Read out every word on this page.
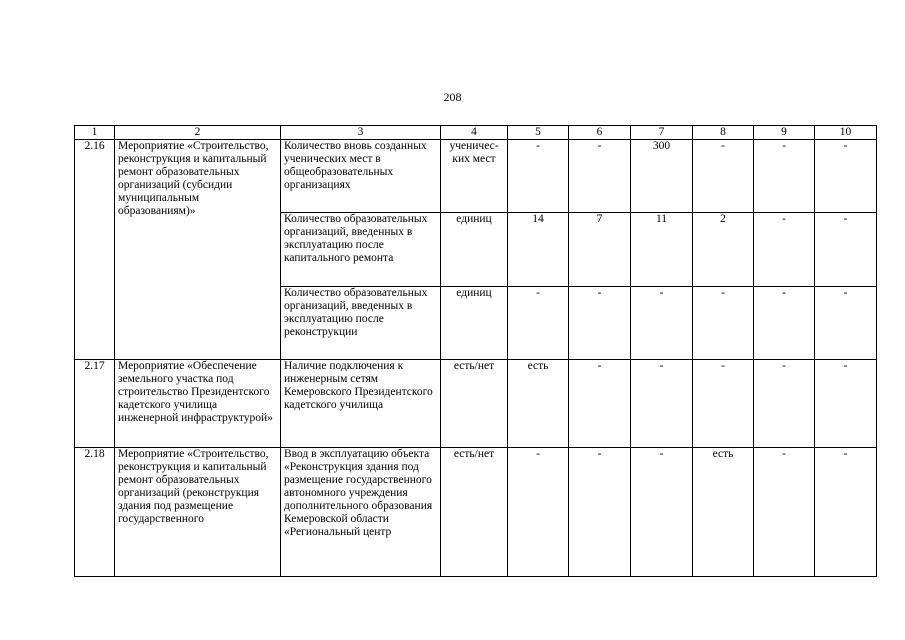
208
1	2	3	4	5	6	7	8	9	10
2.16	Мероприятие «Строительство, реконструкция и капитальный ремонт образовательных организаций (субсидии муниципальным образованиям)»	Количество вновь созданных ученических мест в общеобразовательных организациях	ученичес-ких мест	-	-	300	-	-	-
		Количество образовательных организаций, введенных в эксплуатацию после капитального ремонта	единиц	14	7	11	2	-	-
		Количество образовательных организаций, введенных в эксплуатацию после реконструкции	единиц	-	-	-	-	-	-
2.17	Мероприятие «Обеспечение земельного участка под строительство Президентского кадетского училища инженерной инфраструктурой»	Наличие подключения к инженерным сетям Кемеровского Президентского кадетского училища	есть/нет	есть	-	-	-	-	-
2.18	Мероприятие «Строительство, реконструкция и капитальный ремонт образовательных организаций (реконструкция здания под размещение государственного	Ввод в эксплуатацию объекта «Реконструкция здания под размещение государственного автономного учреждения дополнительного образования Кемеровской области «Региональный центр	есть/нет	-	-	-	есть	-	-
